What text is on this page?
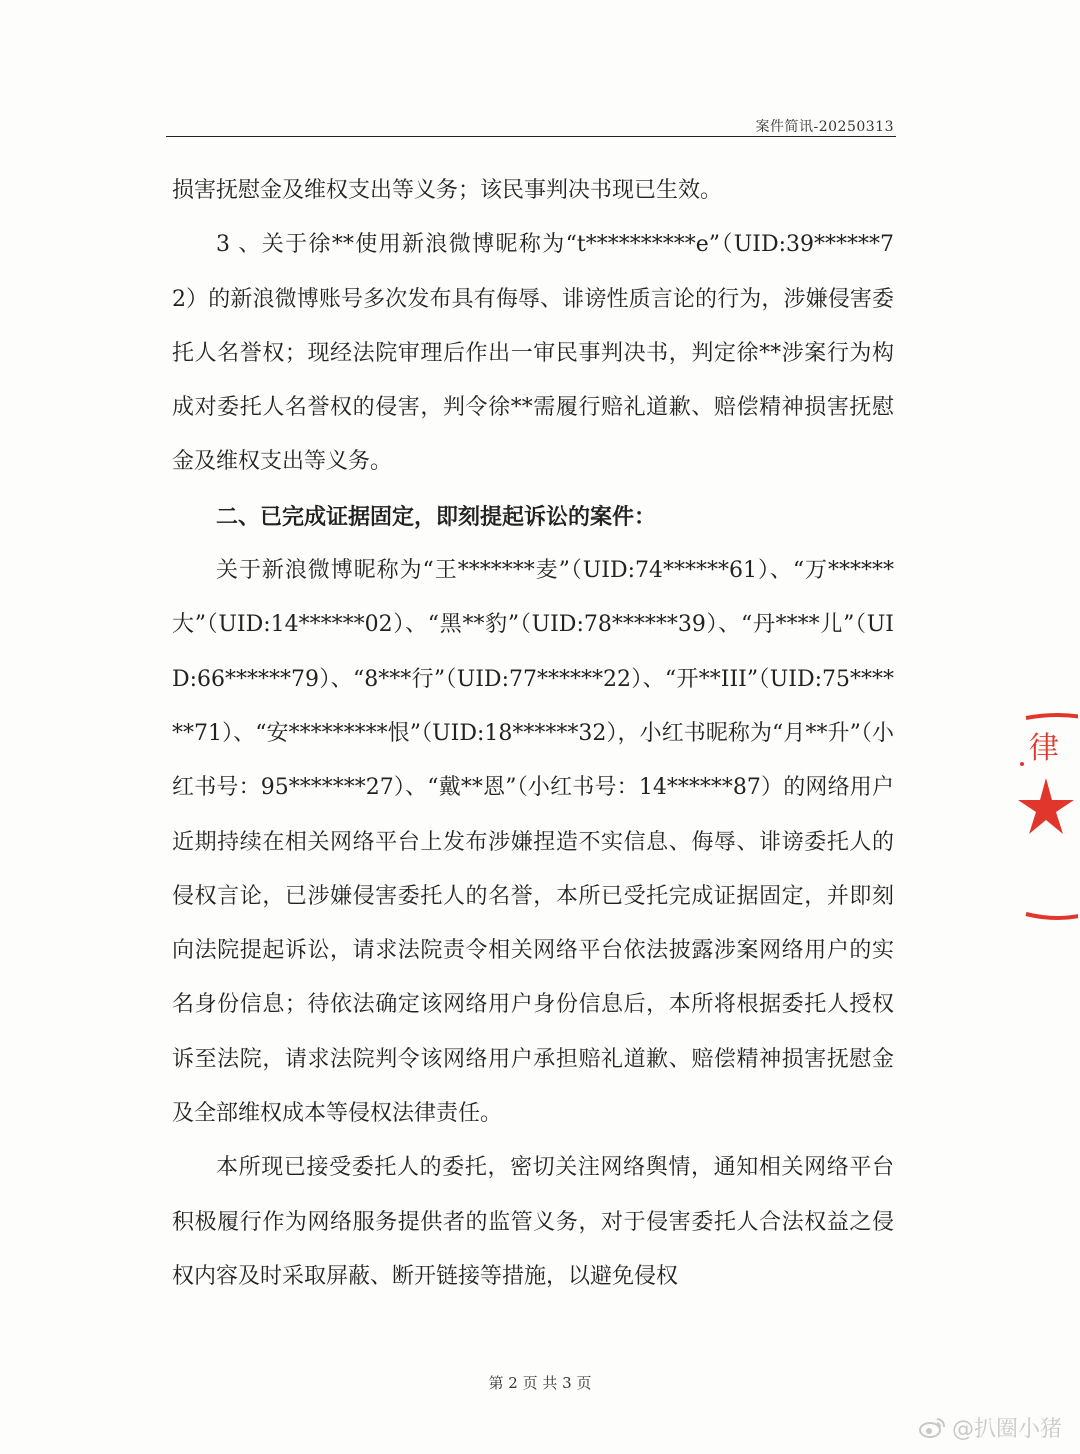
案件简讯-20250313

损害抚慰金及维权支出等义务；该民事判决书现已生效。

3 、关于徐**使用新浪微博昵称为“t**********e”（UID:39******72）的新浪微博账号多次发布具有侮辱、诽谤性质言论的行为，涉嫌侵害委托人名誉权；现经法院审理后作出一审民事判决书，判定徐**涉案行为构成对委托人名誉权的侵害，判令徐**需履行赔礼道歉、赔偿精神损害抚慰金及维权支出等义务。

二、已完成证据固定，即刻提起诉讼的案件：

关于新浪微博昵称为“王*******麦”（UID:74******61）、“万******大”（UID:14******02）、“黑**豹”（UID:78******39）、“丹****儿”（UID:66******79）、“8***行”（UID:77******22）、“开**III”（UID:75******71）、“安*********恨”（UID:18******32），小红书昵称为“月**升”（小红书号：95*******27）、“戴**恩”（小红书号：14******87）的网络用户近期持续在相关网络平台上发布涉嫌捏造不实信息、侮辱、诽谤委托人的侵权言论，已涉嫌侵害委托人的名誉，本所已受托完成证据固定，并即刻向法院提起诉讼，请求法院责令相关网络平台依法披露涉案网络用户的实名身份信息；待依法确定该网络用户身份信息后，本所将根据委托人授权诉至法院，请求法院判令该网络用户承担赔礼道歉、赔偿精神损害抚慰金及全部维权成本等侵权法律责任。

本所现已接受委托人的委托，密切关注网络舆情，通知相关网络平台积极履行作为网络服务提供者的监管义务，对于侵害委托人合法权益之侵权内容及时采取屏蔽、断开链接等措施，以避免侵权

第 2 页 共 3 页
律
@扒圈小猪
